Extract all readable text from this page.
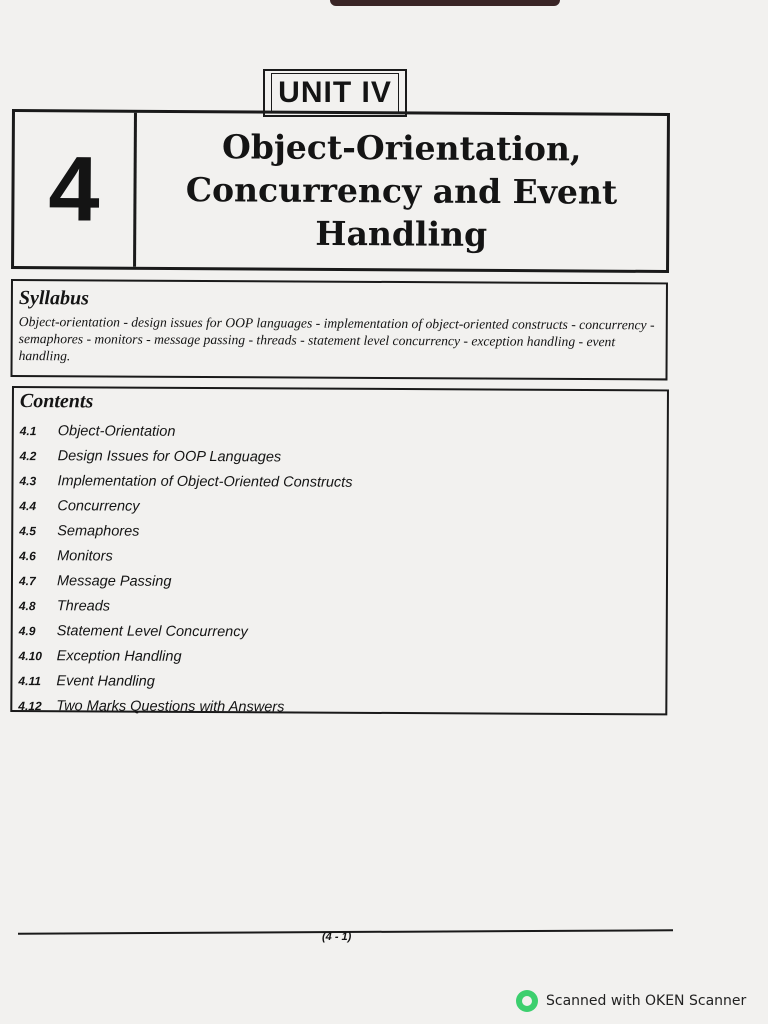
UNIT IV
4	Object-Orientation,
Concurrency and Event
Handling
Syllabus
Object-orientation - design issues for OOP languages - implementation of object-oriented constructs - concurrency - semaphores - monitors - message passing - threads - statement level concurrency - exception handling - event handling.
Contents
4.1	Object-Orientation
4.2	Design Issues for OOP Languages
4.3	Implementation of Object-Oriented Constructs
4.4	Concurrency
4.5	Semaphores
4.6	Monitors
4.7	Message Passing
4.8	Threads
4.9	Statement Level Concurrency
4.10	Exception Handling
4.11	Event Handling
4.12	Two Marks Questions with Answers
(4 - 1)
Scanned with OKEN Scanner
